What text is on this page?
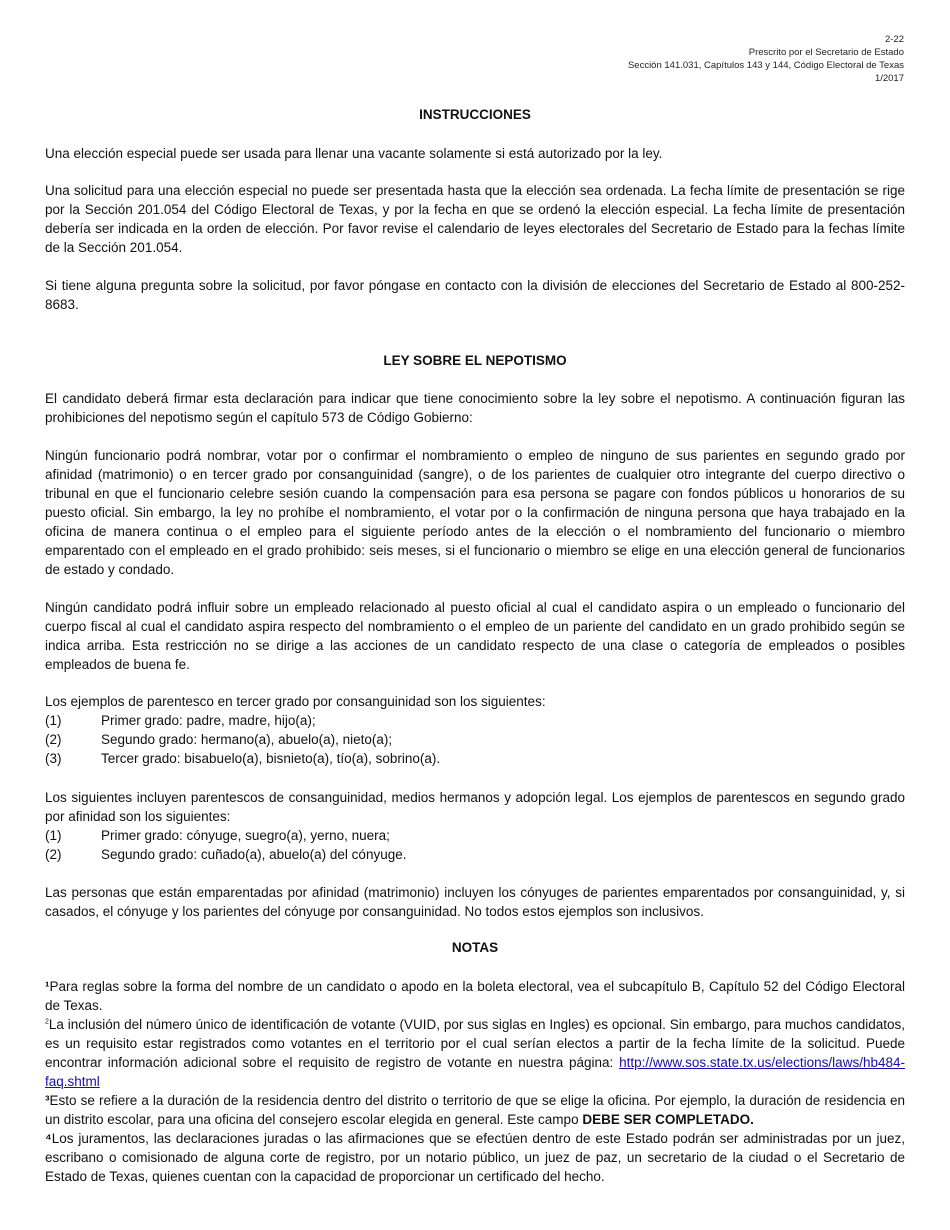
2-22
Prescrito por el Secretario de Estado
Sección 141.031, Capítulos 143 y 144, Código Electoral de Texas
1/2017
INSTRUCCIONES

Una elección especial puede ser usada para llenar una vacante solamente si está autorizado por la ley.

Una solicitud para una elección especial no puede ser presentada hasta que la elección sea ordenada. La fecha límite de presentación se rige por la Sección 201.054 del Código Electoral de Texas, y por la fecha en que se ordenó la elección especial. La fecha límite de presentación debería ser indicada en la orden de elección. Por favor revise el calendario de leyes electorales del Secretario de Estado para la fechas límite de la Sección 201.054.

Si tiene alguna pregunta sobre la solicitud, por favor póngase en contacto con la división de elecciones del Secretario de Estado al 800-252-8683.

LEY SOBRE EL NEPOTISMO

El candidato deberá firmar esta declaración para indicar que tiene conocimiento sobre la ley sobre el nepotismo. A continuación figuran las prohibiciones del nepotismo según el capítulo 573 de Código Gobierno:

Ningún funcionario podrá nombrar, votar por o confirmar el nombramiento o empleo de ninguno de sus parientes en segundo grado por afinidad (matrimonio) o en tercer grado por consanguinidad (sangre), o de los parientes de cualquier otro integrante del cuerpo directivo o tribunal en que el funcionario celebre sesión cuando la compensación para esa persona se pagare con fondos públicos u honorarios de su puesto oficial. Sin embargo, la ley no prohíbe el nombramiento, el votar por o la confirmación de ninguna persona que haya trabajado en la oficina de manera continua o el empleo para el siguiente período antes de la elección o el nombramiento del funcionario o miembro emparentado con el empleado en el grado prohibido: seis meses, si el funcionario o miembro se elige en una elección general de funcionarios de estado y condado.

Ningún candidato podrá influir sobre un empleado relacionado al puesto oficial al cual el candidato aspira o un empleado o funcionario del cuerpo fiscal al cual el candidato aspira respecto del nombramiento o el empleo de un pariente del candidato en un grado prohibido según se indica arriba. Esta restricción no se dirige a las acciones de un candidato respecto de una clase o categoría de empleados o posibles empleados de buena fe.

Los ejemplos de parentesco en tercer grado por consanguinidad son los siguientes:

(1)	Primer grado: padre, madre, hijo(a);
(2)	Segundo grado: hermano(a), abuelo(a), nieto(a);
(3)	Tercer grado: bisabuelo(a), bisnieto(a), tío(a), sobrino(a).

Los siguientes incluyen parentescos de consanguinidad, medios hermanos y adopción legal. Los ejemplos de parentescos en segundo grado por afinidad son los siguientes:

(1)	Primer grado: cónyuge, suegro(a), yerno, nuera;
(2)	Segundo grado: cuñado(a), abuelo(a) del cónyuge.

Las personas que están emparentadas por afinidad (matrimonio) incluyen los cónyuges de parientes emparentados por consanguinidad, y, si casados, el cónyuge y los parientes del cónyuge por consanguinidad. No todos estos ejemplos son inclusivos.

NOTAS

¹Para reglas sobre la forma del nombre de un candidato o apodo en la boleta electoral, vea el subcapítulo B, Capítulo 52 del Código Electoral de Texas.

$^2$La inclusión del número único de identificación de votante (VUID, por sus siglas en Ingles) es opcional. Sin embargo, para muchos candidatos, es un requisito estar registrados como votantes en el territorio por el cual serían electos a partir de la fecha límite de la solicitud. Puede encontrar información adicional sobre el requisito de registro de votante en nuestra página: http://www.sos.state.tx.us/elections/laws/hb484-faq.shtml

³Esto se refiere a la duración de la residencia dentro del distrito o territorio de que se elige la oficina. Por ejemplo, la duración de residencia en un distrito escolar, para una oficina del consejero escolar elegida en general. Este campo DEBE SER COMPLETADO.

⁴Los juramentos, las declaraciones juradas o las afirmaciones que se efectúen dentro de este Estado podrán ser administradas por un juez, escribano o comisionado de alguna corte de registro, por un notario público, un juez de paz, un secretario de la ciudad o el Secretario de Estado de Texas, quienes cuentan con la capacidad de proporcionar un certificado del hecho.
